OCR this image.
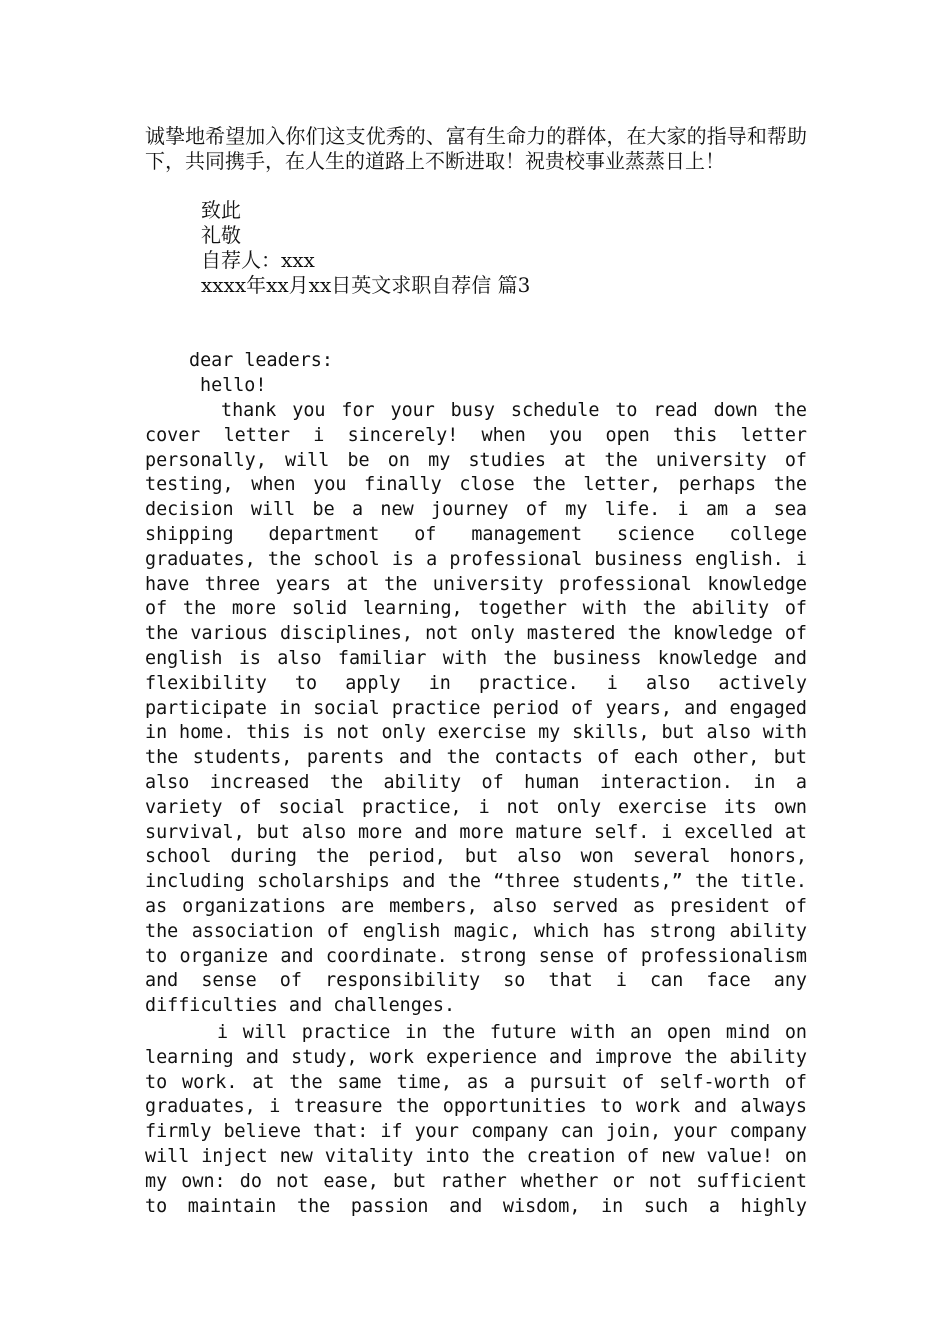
诚挚地希望加入你们这支优秀的、富有生命力的群体，在大家的指导和帮助下，共同携手，在人生的道路上不断进取！祝贵校事业蒸蒸日上！

致此

礼敬

自荐人：xxx

xxxx年xx月xx日英文求职自荐信 篇3

dear leaders:

hello!

thank you for your busy schedule to read down the cover letter i sincerely! when you open this letter personally, will be on my studies at the university of testing, when you finally close the letter, perhaps the decision will be a new journey of my life. i am a sea shipping department of management science college graduates, the school is a professional business english. i have three years at the university professional knowledge of the more solid learning, together with the ability of the various disciplines, not only mastered the knowledge of english is also familiar with the business knowledge and flexibility to apply in practice. i also actively participate in social practice period of years, and engaged in home. this is not only exercise my skills, but also with the students, parents and the contacts of each other, but also increased the ability of human interaction. in a variety of social practice, i not only exercise its own survival, but also more and more mature self. i excelled at school during the period, but also won several honors, including scholarships and the “three students,” the title. as organizations are members, also served as president of the association of english magic, which has strong ability to organize and coordinate. strong sense of professionalism and sense of responsibility so that i can face any difficulties and challenges.

i will practice in the future with an open mind on learning and study, work experience and improve the ability to work. at the same time, as a pursuit of self-worth of graduates, i treasure the opportunities to work and always firmly believe that: if your company can join, your company will inject new vitality into the creation of new value! on my own: do not ease, but rather whether or not sufficient to maintain the passion and wisdom, in such a highly
